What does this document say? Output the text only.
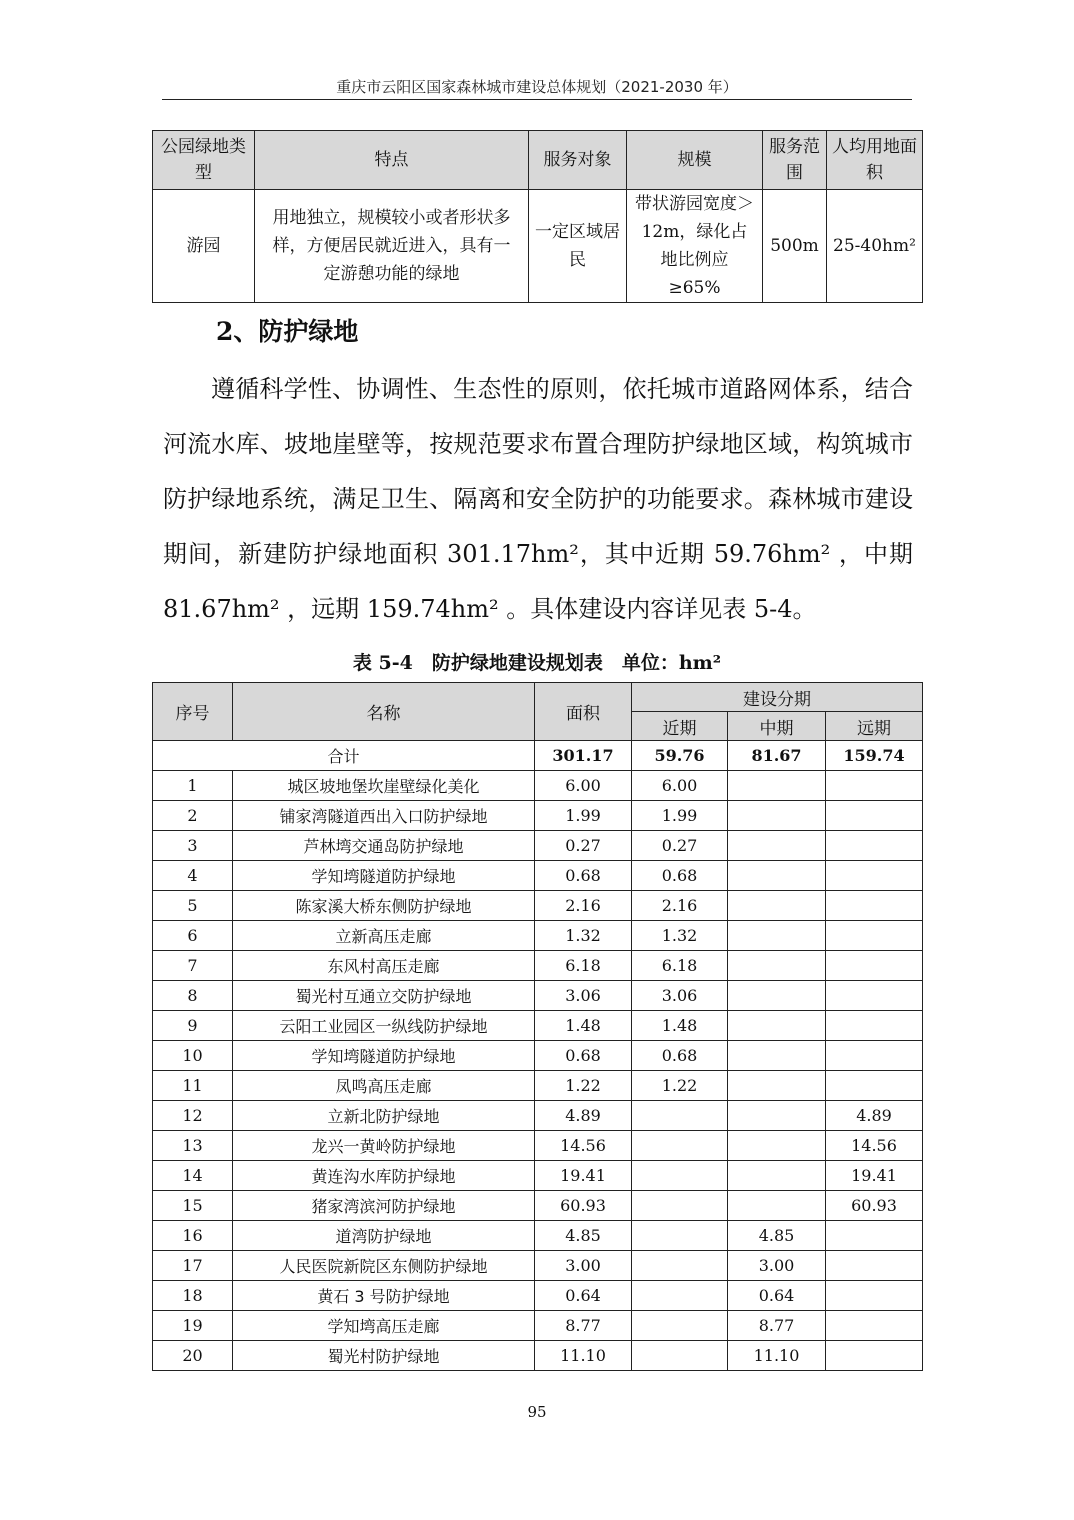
重庆市云阳区国家森林城市建设总体规划（2021-2030 年）
公园绿地类型	特点	服务对象	规模	服务范围	人均用地面积
游园	用地独立，规模较小或者形状多样，方便居民就近进入，具有一定游憩功能的绿地	一定区域居民	带状游园宽度＞12m，绿化占地比例应≥65%	500m	25-40hm²
2、防护绿地
遵循科学性、协调性、生态性的原则，依托城市道路网体系，结合河流水库、坡地崖壁等，按规范要求布置合理防护绿地区域，构筑城市防护绿地系统，满足卫生、隔离和安全防护的功能要求。森林城市建设期间，新建防护绿地面积 301.17hm²，其中近期 59.76hm² ，中期 81.67hm² ，远期 159.74hm² 。具体建设内容详见表 5-4。
表 5-4　防护绿地建设规划表　单位：hm²
序号	名称	面积	建设分期		
			近期	中期	远期
合计		301.17	59.76	81.67	159.74
1	城区坡地堡坎崖壁绿化美化	6.00	6.00		
2	铺家湾隧道西出入口防护绿地	1.99	1.99		
3	芦林塆交通岛防护绿地	0.27	0.27		
4	学知塆隧道防护绿地	0.68	0.68		
5	陈家溪大桥东侧防护绿地	2.16	2.16		
6	立新高压走廊	1.32	1.32		
7	东风村高压走廊	6.18	6.18		
8	蜀光村互通立交防护绿地	3.06	3.06		
9	云阳工业园区一纵线防护绿地	1.48	1.48		
10	学知塆隧道防护绿地	0.68	0.68		
11	凤鸣高压走廊	1.22	1.22		
12	立新北防护绿地	4.89			4.89
13	龙兴一黄岭防护绿地	14.56			14.56
14	黄连沟水库防护绿地	19.41			19.41
15	猪家湾滨河防护绿地	60.93			60.93
16	道湾防护绿地	4.85		4.85	
17	人民医院新院区东侧防护绿地	3.00		3.00	
18	黄石 3 号防护绿地	0.64		0.64	
19	学知塆高压走廊	8.77		8.77	
20	蜀光村防护绿地	11.10		11.10	
95
